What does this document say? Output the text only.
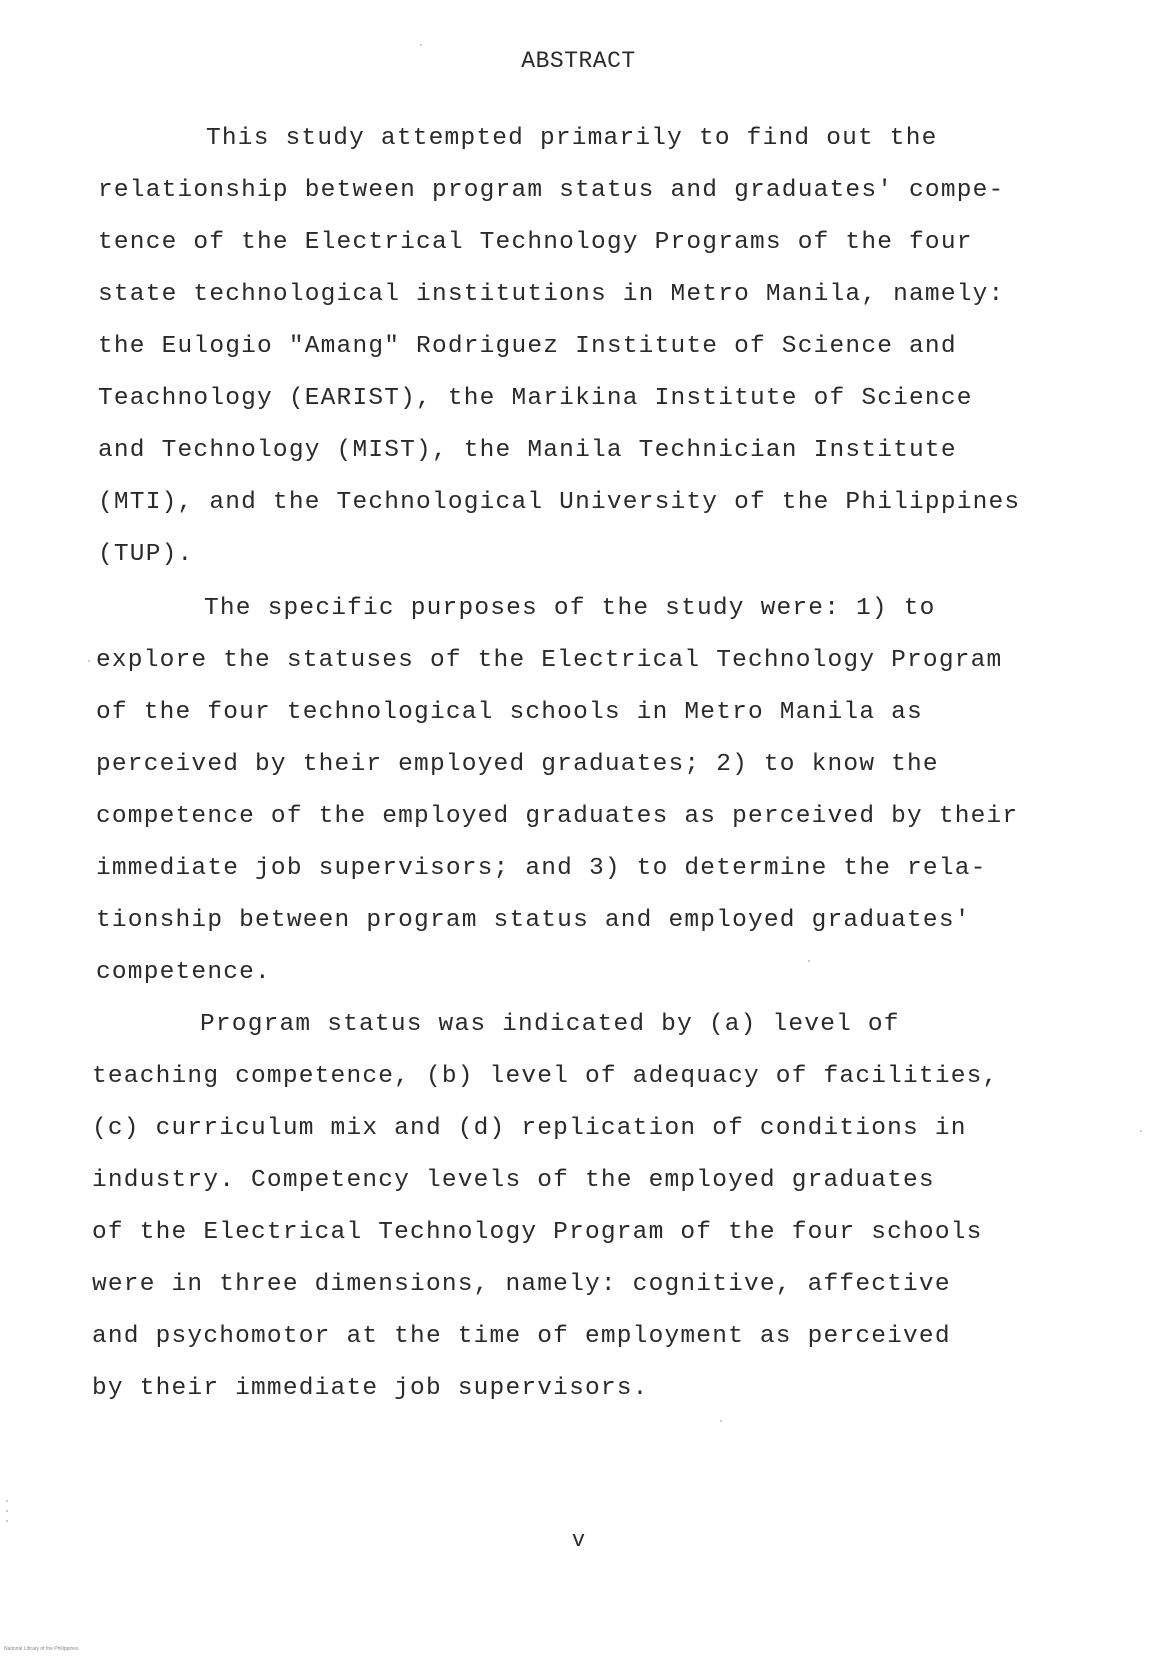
ABSTRACT
This study attempted primarily to find out the
relationship between program status and graduates' compe-
tence of the Electrical Technology Programs of the four
state technological institutions in Metro Manila, namely:
the Eulogio "Amang" Rodriguez Institute of Science and
Teachnology (EARIST), the Marikina Institute of Science
and Technology (MIST), the Manila Technician Institute
(MTI), and the Technological University of the Philippines
(TUP).
The specific purposes of the study were: 1) to
explore the statuses of the Electrical Technology Program
of the four technological schools in Metro Manila as
perceived by their employed graduates; 2) to know the
competence of the employed graduates as perceived by their
immediate job supervisors; and 3) to determine the rela-
tionship between program status and employed graduates'
competence.
Program status was indicated by (a) level of
teaching competence, (b) level of adequacy of facilities,
(c) curriculum mix and (d) replication of conditions in
industry. Competency levels of the employed graduates
of the Electrical Technology Program of the four schools
were in three dimensions, namely: cognitive, affective
and psychomotor at the time of employment as perceived
by their immediate job supervisors.
v
National Library of the Philippines
